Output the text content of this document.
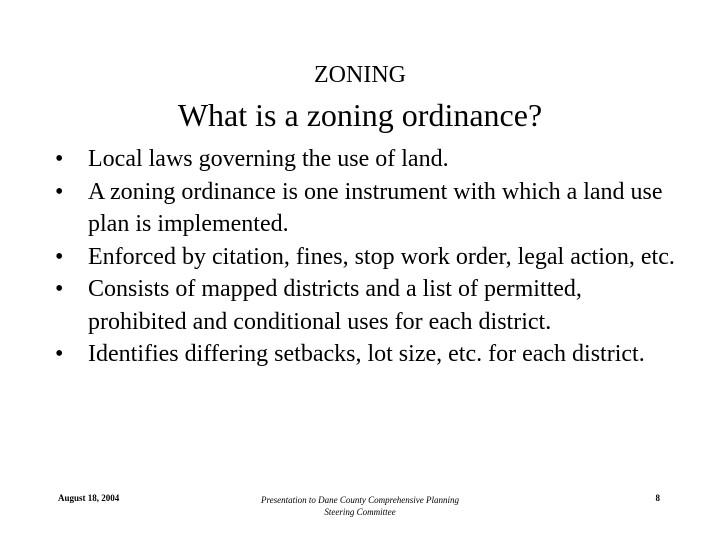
ZONING
What is a zoning ordinance?
• Local laws governing the use of land.
• A zoning ordinance is one instrument with which a land use plan is implemented.
• Enforced by citation, fines, stop work order, legal action, etc.
• Consists of mapped districts and a list of permitted, prohibited and conditional uses for each district.
• Identifies differing setbacks, lot size, etc. for each district.
August 18, 2004	Presentation to Dane County Comprehensive Planning
Steering Committee
8
